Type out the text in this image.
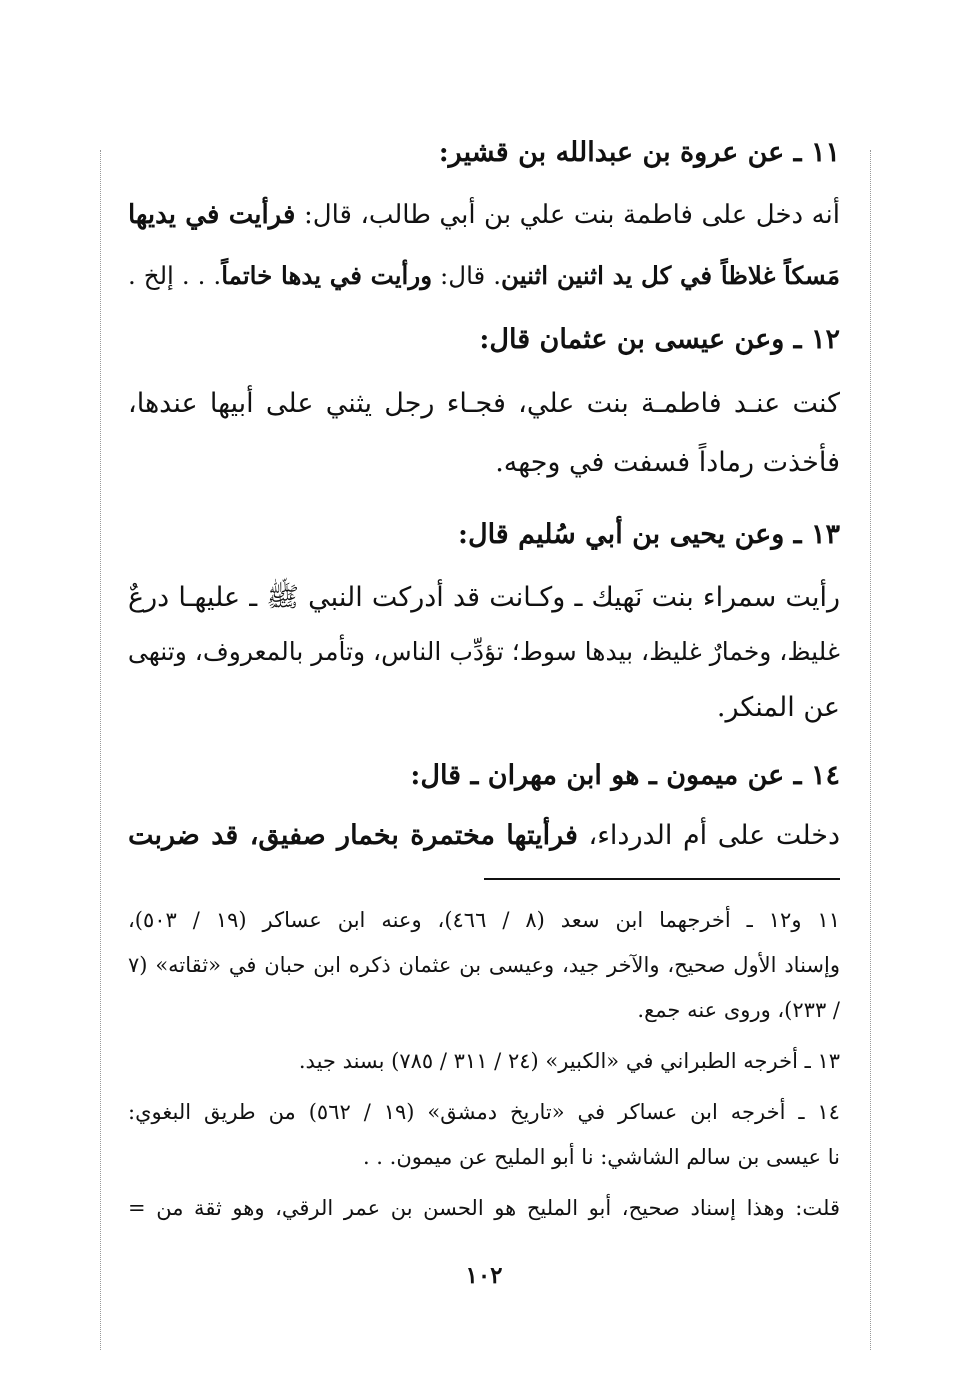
١١ ـ عن عروة بن عبدالله بن قشير:
أنه دخل على فاطمة بنت علي بن أبي طالب، قال: فرأيت في يديها
مَسكاً غلاظاً في كل يد اثنين اثنين. قال: ورأيت في يدها خاتماً. . . إلخ .
١٢ ـ وعن عيسى بن عثمان قال:
كنت عنـد فاطمـة بنت علي، فجـاء رجل يثني على أبيها عندها،
فأخذت رماداً فسفت في وجهه.
١٣ ـ وعن يحيى بن أبي سُليم قال:
رأيت سمراء بنت نَهيك ـ وكـانت قد أدركت النبي ﷺ ـ عليهـا درعٌ
غليظ، وخمارٌ غليظ، بيدها سوط؛ تؤدِّب الناس، وتأمر بالمعروف، وتنهى
عن المنكر.
١٤ ـ عن ميمون ـ هو ابن مهران ـ قال:
دخلت على أم الدرداء، فرأيتها مختمرة بخمار صفيق، قد ضربت
١١ و١٢ ـ أخرجهما ابن سعد (٨ / ٤٦٦)، وعنه ابن عساكر (١٩ / ٥٠٣)،
وإسناد الأول صحيح، والآخر جيد، وعيسى بن عثمان ذكره ابن حبان في «ثقاته» (٧
/ ٢٣٣)، وروى عنه جمع.
١٣ ـ أخرجه الطبراني في «الكبير» (٢٤ / ٣١١ / ٧٨٥) بسند جيد.
١٤ ـ أخرجه ابن عساكر في «تاريخ دمشق» (١٩ / ٥٦٢) من طريق البغوي:
نا عيسى بن سالم الشاشي: نا أبو المليح عن ميمون. . .
قلت: وهذا إسناد صحيح، أبو المليح هو الحسن بن عمر الرقي، وهو ثقة من =
١٠٢
